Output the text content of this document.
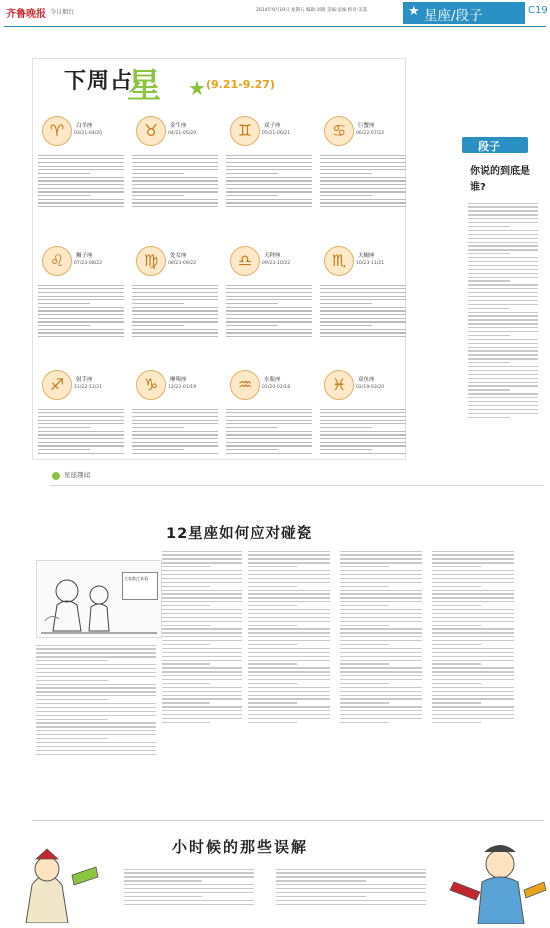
齐鲁晚报 今日烟台	2014年9月19日 星期五 编辑:刘晓 美编:逗妹 校对:美基	★ 星座/段子	C19
下周占
星 ★ (9.21-9.27)
♈	白羊座
03/21-04/20	♉	金牛座
04/21-05/20	♊	双子座
05/21-06/21	♋	巨蟹座
06/22-07/22
♌	狮子座
07/23-08/22	♍	处女座
08/23-09/22	♎	天秤座
09/23-10/22	♏	天蝎座
10/23-11/21
♐	射手座
11/22-12/21	♑	摩羯座
12/22-01/19	♒	水瓶座
01/20-02/18	♓	双鱼座
02/19-03/20
段子
你说的到底是谁?
星座趣闻
12星座如何应对碰瓷
大家都过来看
小时候的那些误解
